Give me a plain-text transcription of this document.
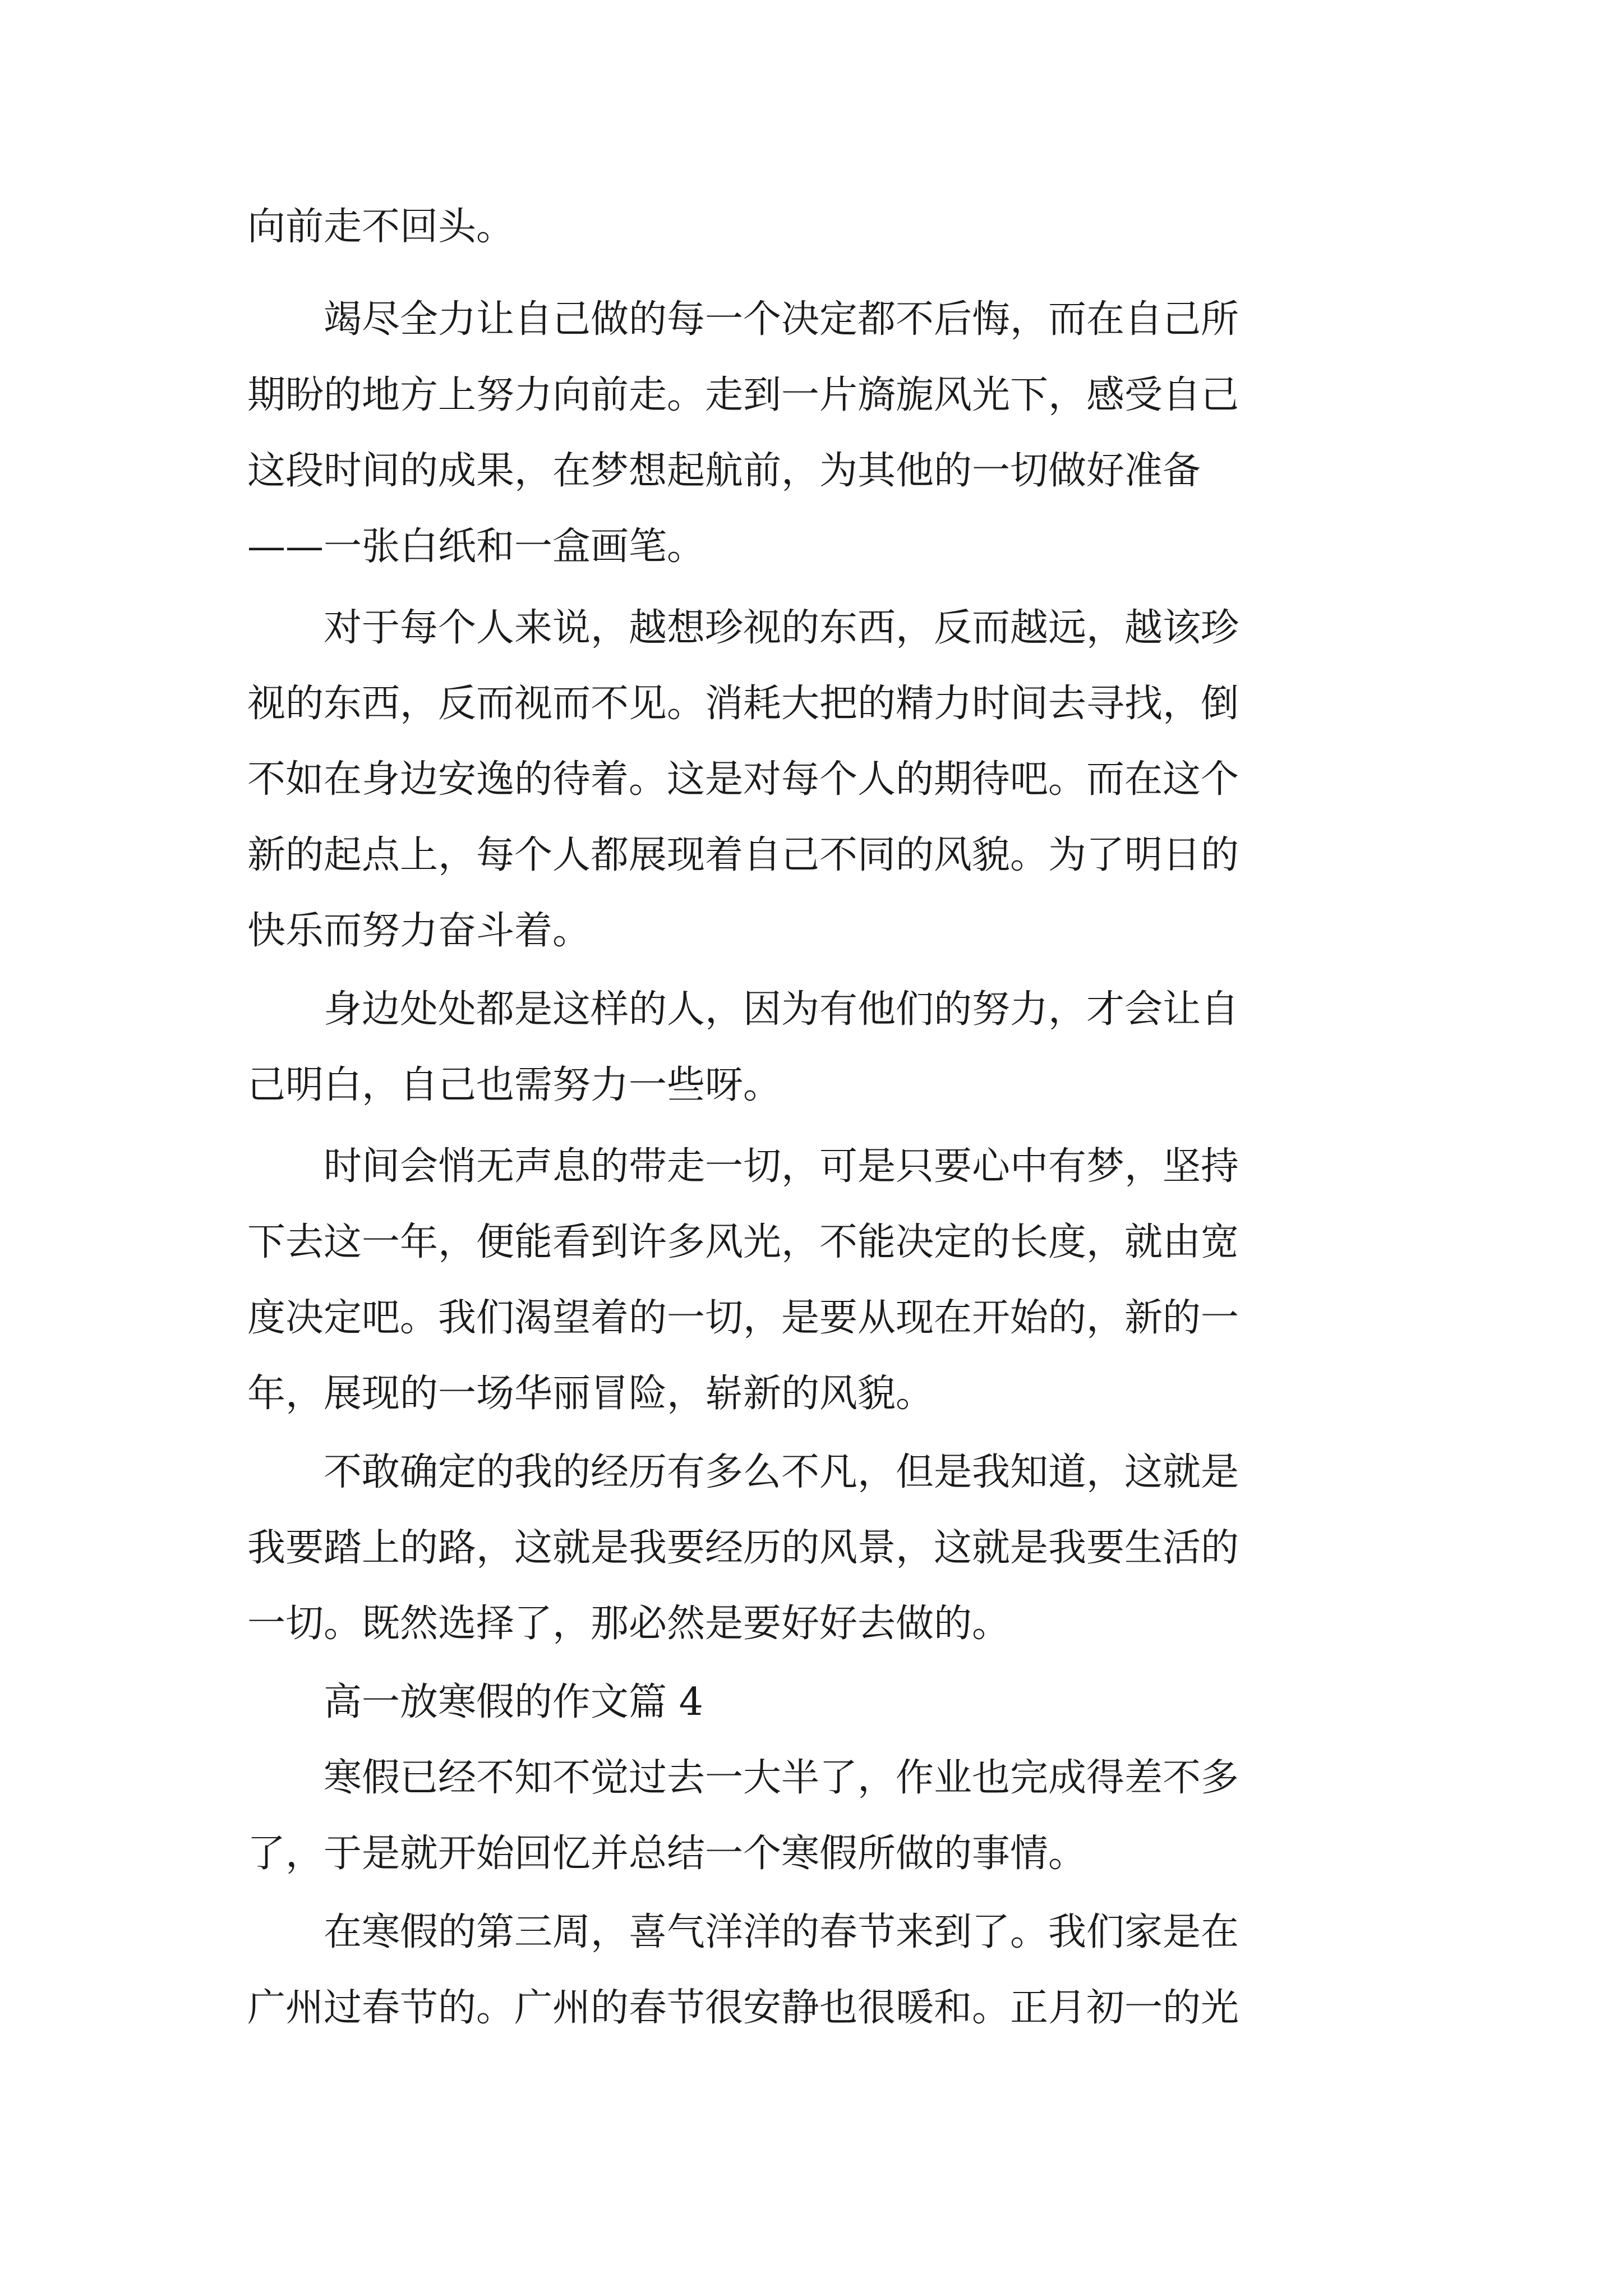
向前走不回头。
　　竭尽全力让自己做的每一个决定都不后悔，而在自己所
期盼的地方上努力向前走。走到一片旖旎风光下，感受自己
这段时间的成果，在梦想起航前，为其他的一切做好准备
——一张白纸和一盒画笔。
　　对于每个人来说，越想珍视的东西，反而越远，越该珍
视的东西，反而视而不见。消耗大把的精力时间去寻找，倒
不如在身边安逸的待着。这是对每个人的期待吧。而在这个
新的起点上，每个人都展现着自己不同的风貌。为了明日的
快乐而努力奋斗着。
　　身边处处都是这样的人，因为有他们的努力，才会让自
己明白，自己也需努力一些呀。
　　时间会悄无声息的带走一切，可是只要心中有梦，坚持
下去这一年，便能看到许多风光，不能决定的长度，就由宽
度决定吧。我们渴望着的一切，是要从现在开始的，新的一
年，展现的一场华丽冒险，崭新的风貌。
　　不敢确定的我的经历有多么不凡，但是我知道，这就是
我要踏上的路，这就是我要经历的风景，这就是我要生活的
一切。既然选择了，那必然是要好好去做的。
　　高一放寒假的作文篇 4
　　寒假已经不知不觉过去一大半了，作业也完成得差不多
了，于是就开始回忆并总结一个寒假所做的事情。
　　在寒假的第三周，喜气洋洋的春节来到了。我们家是在
广州过春节的。广州的春节很安静也很暖和。正月初一的光
